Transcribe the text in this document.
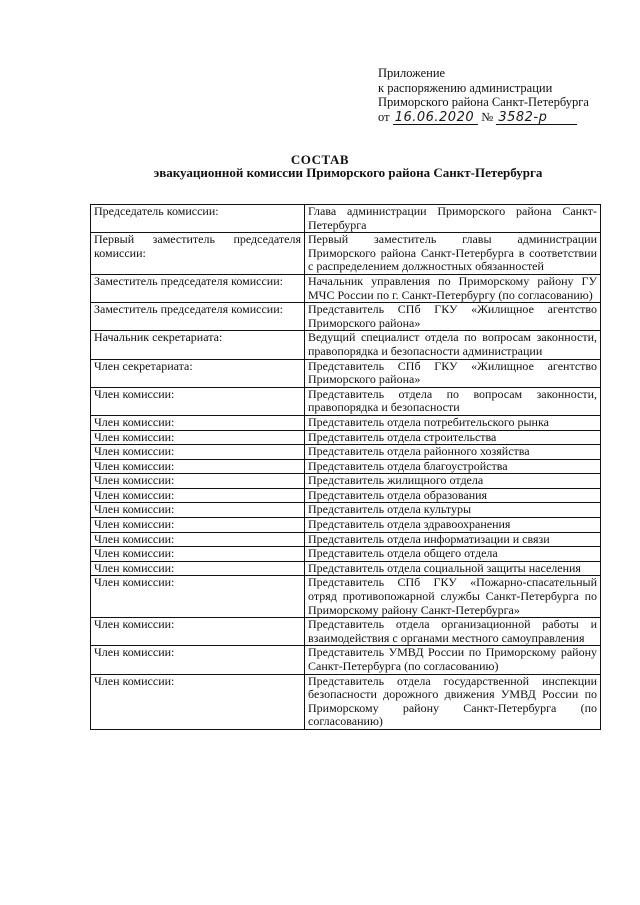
Приложение
к распоряжению администрации
Приморского района Санкт-Петербурга
от 16.06.2020 № 3582-р
СОСТАВ
эвакуационной комиссии Приморского района Санкт-Петербурга
Председатель комиссии:	Глава администрации Приморского района Санкт-Петербурга
Первый заместитель председателя комиссии:	Первый заместитель главы администрации Приморского района Санкт-Петербурга в соответствии с распределением должностных обязанностей
Заместитель председателя комиссии:	Начальник управления по Приморскому району ГУ МЧС России по г. Санкт-Петербургу (по согласованию)
Заместитель председателя комиссии:	Представитель СПб ГКУ «Жилищное агентство Приморского района»
Начальник секретариата:	Ведущий специалист отдела по вопросам законности, правопорядка и безопасности администрации
Член секретариата:	Представитель СПб ГКУ «Жилищное агентство Приморского района»
Член комиссии:	Представитель отдела по вопросам законности, правопорядка и безопасности
Член комиссии:	Представитель отдела потребительского рынка
Член комиссии:	Представитель отдела строительства
Член комиссии:	Представитель отдела районного хозяйства
Член комиссии:	Представитель отдела благоустройства
Член комиссии:	Представитель жилищного отдела
Член комиссии:	Представитель отдела образования
Член комиссии:	Представитель отдела культуры
Член комиссии:	Представитель отдела здравоохранения
Член комиссии:	Представитель отдела информатизации и связи
Член комиссии:	Представитель отдела общего отдела
Член комиссии:	Представитель отдела социальной защиты населения
Член комиссии:	Представитель СПб ГКУ «Пожарно-спасательный отряд противопожарной службы Санкт-Петербурга по Приморскому району Санкт-Петербурга»
Член комиссии:	Представитель отдела организационной работы и взаимодействия с органами местного самоуправления
Член комиссии:	Представитель УМВД России по Приморскому району Санкт-Петербурга (по согласованию)
Член комиссии:	Представитель отдела государственной инспекции безопасности дорожного движения УМВД России по Приморскому району Санкт-Петербурга (по согласованию)
